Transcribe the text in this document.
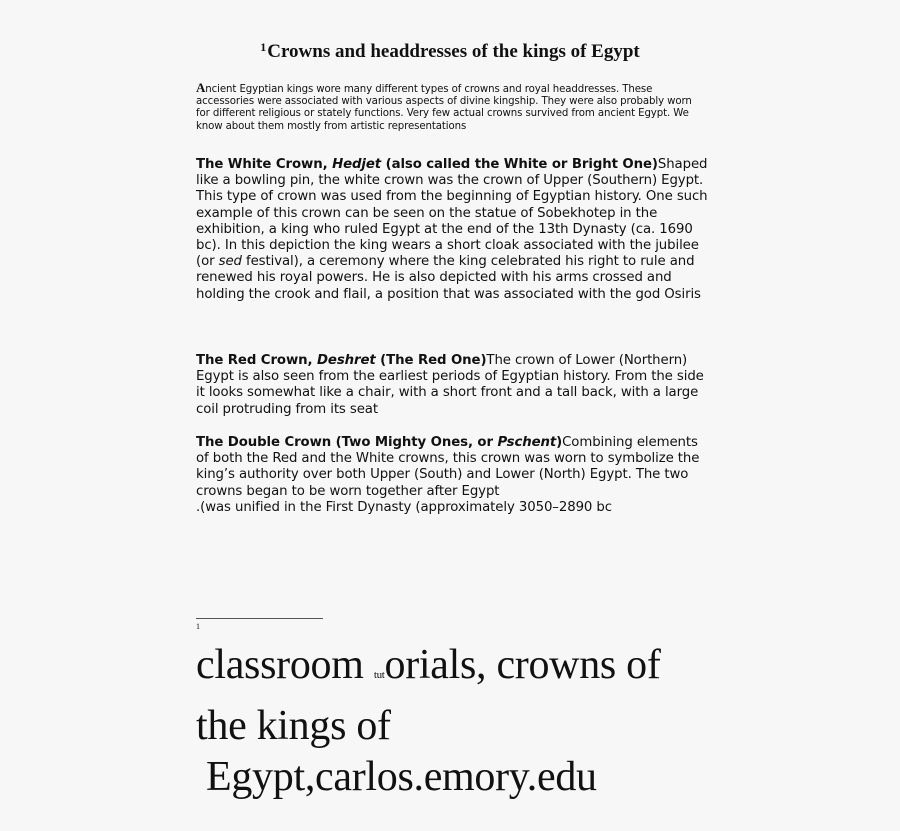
$^1$Crowns and headdresses of the kings of Egypt
Ancient Egyptian kings wore many different types of crowns and royal headdresses. These accessories were associated with various aspects of divine kingship. They were also probably worn for different religious or stately functions. Very few actual crowns survived from ancient Egypt. We know about them mostly from artistic representations
The White Crown, Hedjet (also called the White or Bright One)Shaped like a bowling pin, the white crown was the crown of Upper (Southern) Egypt. This type of crown was used from the beginning of Egyptian history. One such example of this crown can be seen on the statue of Sobekhotep in the exhibition, a king who ruled Egypt at the end of the 13th Dynasty (ca. 1690 bc). In this depiction the king wears a short cloak associated with the jubilee (or sed festival), a ceremony where the king celebrated his right to rule and renewed his royal powers. He is also depicted with his arms crossed and holding the crook and flail, a position that was associated with the god Osiris
The Red Crown, Deshret (The Red One)The crown of Lower (Northern) Egypt is also seen from the earliest periods of Egyptian history. From the side it looks somewhat like a chair, with a short front and a tall back, with a large coil protruding from its seat
The Double Crown (Two Mighty Ones, or Pschent)Combining elements of both the Red and the White crowns, this crown was worn to symbolize the king’s authority over both Upper (South) and Lower (North) Egypt. The two crowns began to be worn together after Egypt
.(was unified in the First Dynasty (approximately 3050–2890 bc
1
classroom tutorials, crowns of
the kings of
Egypt,carlos.emory.edu
